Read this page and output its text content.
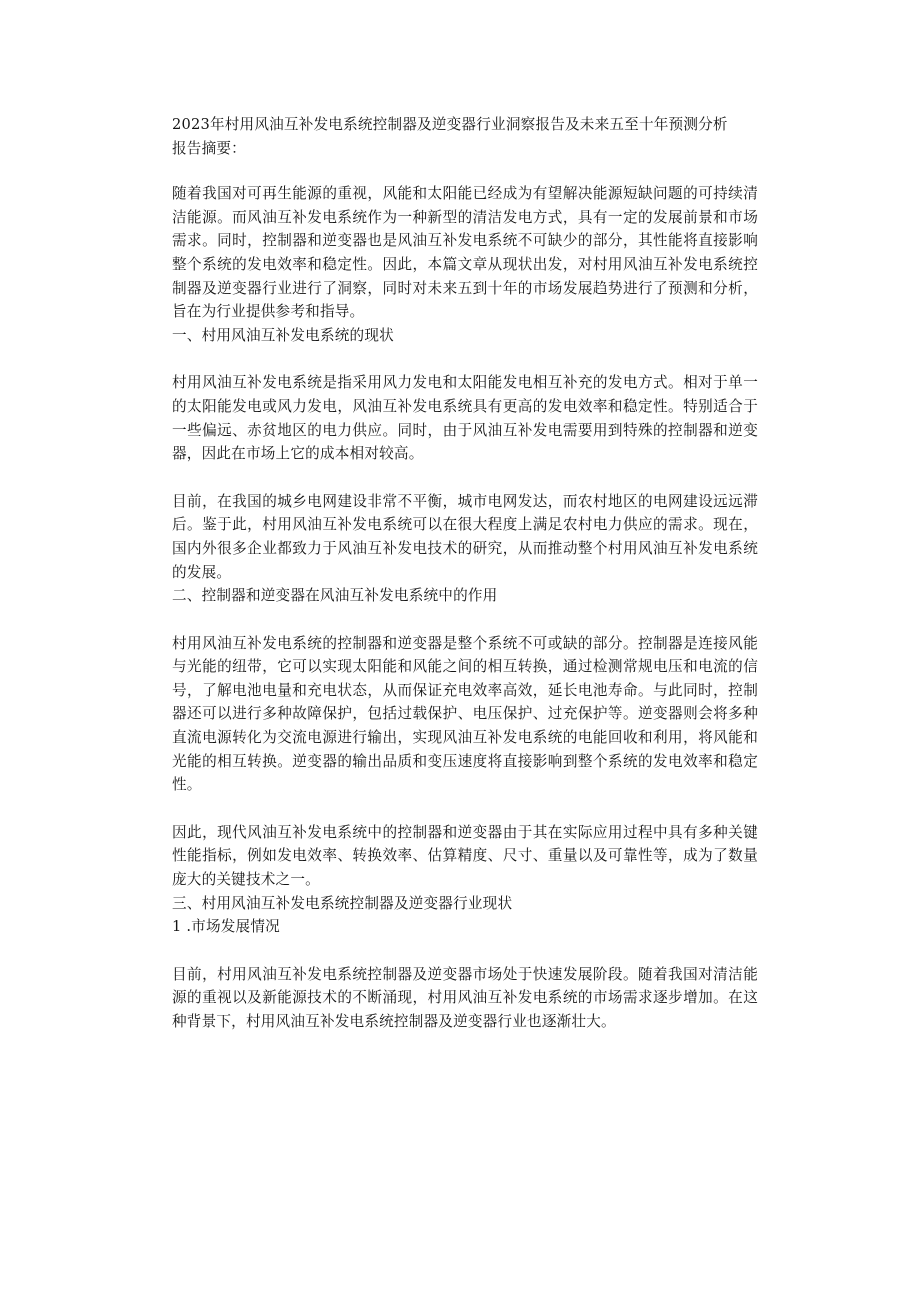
2023年村用风油互补发电系统控制器及逆变器行业洞察报告及未来五至十年预测分析

报告摘要：

随着我国对可再生能源的重视，风能和太阳能已经成为有望解决能源短缺问题的可持续清洁能源。而风油互补发电系统作为一种新型的清洁发电方式，具有一定的发展前景和市场需求。同时，控制器和逆变器也是风油互补发电系统不可缺少的部分，其性能将直接影响整个系统的发电效率和稳定性。因此，本篇文章从现状出发，对村用风油互补发电系统控制器及逆变器行业进行了洞察，同时对未来五到十年的市场发展趋势进行了预测和分析，旨在为行业提供参考和指导。

一、村用风油互补发电系统的现状

村用风油互补发电系统是指采用风力发电和太阳能发电相互补充的发电方式。相对于单一的太阳能发电或风力发电，风油互补发电系统具有更高的发电效率和稳定性。特别适合于一些偏远、赤贫地区的电力供应。同时，由于风油互补发电需要用到特殊的控制器和逆变器，因此在市场上它的成本相对较高。

目前，在我国的城乡电网建设非常不平衡，城市电网发达，而农村地区的电网建设远远滞后。鉴于此，村用风油互补发电系统可以在很大程度上满足农村电力供应的需求。现在，国内外很多企业都致力于风油互补发电技术的研究，从而推动整个村用风油互补发电系统的发展。

二、控制器和逆变器在风油互补发电系统中的作用

村用风油互补发电系统的控制器和逆变器是整个系统不可或缺的部分。控制器是连接风能与光能的纽带，它可以实现太阳能和风能之间的相互转换，通过检测常规电压和电流的信号，了解电池电量和充电状态，从而保证充电效率高效，延长电池寿命。与此同时，控制器还可以进行多种故障保护，包括过载保护、电压保护、过充保护等。逆变器则会将多种直流电源转化为交流电源进行输出，实现风油互补发电系统的电能回收和利用，将风能和光能的相互转换。逆变器的输出品质和变压速度将直接影响到整个系统的发电效率和稳定性。

因此，现代风油互补发电系统中的控制器和逆变器由于其在实际应用过程中具有多种关键性能指标，例如发电效率、转换效率、估算精度、尺寸、重量以及可靠性等，成为了数量庞大的关键技术之一。

三、村用风油互补发电系统控制器及逆变器行业现状

1 .市场发展情况

目前，村用风油互补发电系统控制器及逆变器市场处于快速发展阶段。随着我国对清洁能源的重视以及新能源技术的不断涌现，村用风油互补发电系统的市场需求逐步增加。在这种背景下，村用风油互补发电系统控制器及逆变器行业也逐渐壮大。
